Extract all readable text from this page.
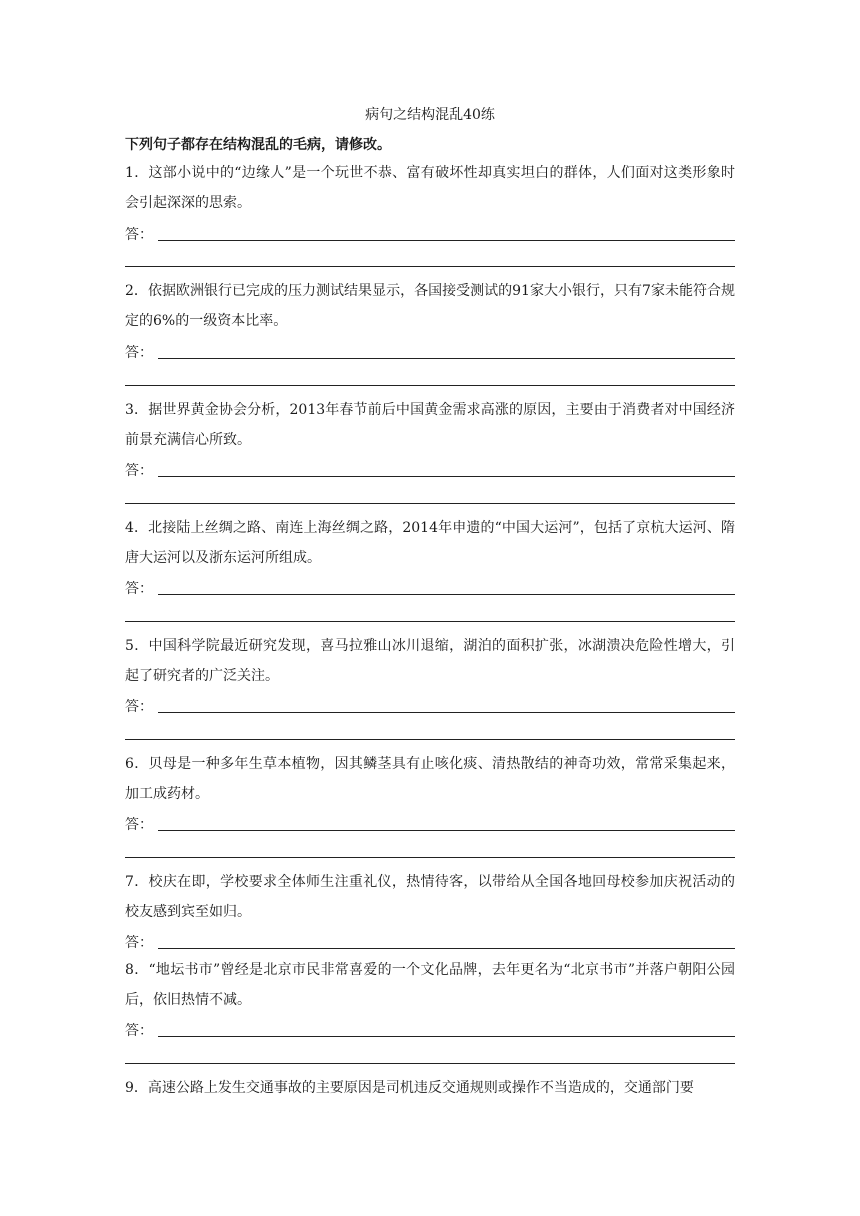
病句之结构混乱40练
下列句子都存在结构混乱的毛病，请修改。
1．这部小说中的“边缘人”是一个玩世不恭、富有破坏性却真实坦白的群体，人们面对这类形象时会引起深深的思索。
答：
2．依据欧洲银行已完成的压力测试结果显示，各国接受测试的91家大小银行，只有7家未能符合规定的6%的一级资本比率。
答：
3．据世界黄金协会分析，2013年春节前后中国黄金需求高涨的原因，主要由于消费者对中国经济前景充满信心所致。
答：
4．北接陆上丝绸之路、南连上海丝绸之路，2014年申遗的“中国大运河”，包括了京杭大运河、隋唐大运河以及浙东运河所组成。
答：
5．中国科学院最近研究发现，喜马拉雅山冰川退缩，湖泊的面积扩张，冰湖溃决危险性增大，引起了研究者的广泛关注。
答：
6．贝母是一种多年生草本植物，因其鳞茎具有止咳化痰、清热散结的神奇功效，常常采集起来，加工成药材。
答：
7．校庆在即，学校要求全体师生注重礼仪，热情待客，以带给从全国各地回母校参加庆祝活动的校友感到宾至如归。
答：
8．“地坛书市”曾经是北京市民非常喜爱的一个文化品牌，去年更名为“北京书市”并落户朝阳公园后，依旧热情不减。
答：
9．高速公路上发生交通事故的主要原因是司机违反交通规则或操作不当造成的，交通部门要
